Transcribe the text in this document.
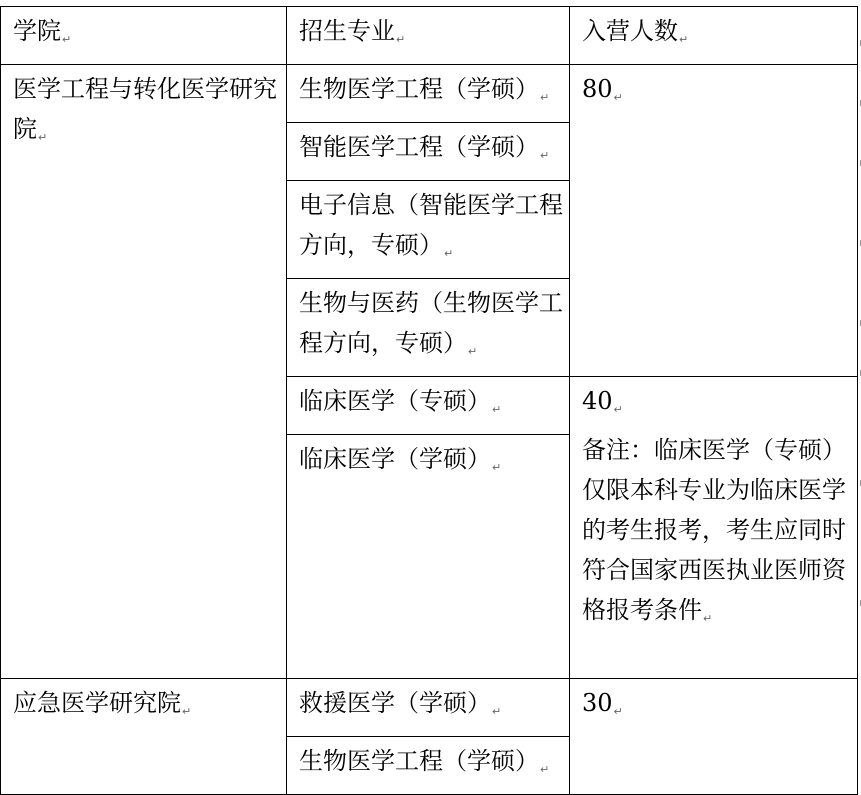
学院↵	招生专业↵	入营人数↵
医学工程与转化医学研究院↵	生物医学工程（学硕）↵	80↵
	智能医学工程（学硕）↵	
	电子信息（智能医学工程方向，专硕）↵	
	生物与医药（生物医学工程方向，专硕）↵	
	临床医学（专硕）↵	40↵
备注：临床医学（专硕）仅限本科专业为临床医学的考生报考，考生应同时符合国家西医执业医师资格报考条件↵
	临床医学（学硕）↵	
应急医学研究院↵	救援医学（学硕）↵	30↵
	生物医学工程（学硕）↵	
